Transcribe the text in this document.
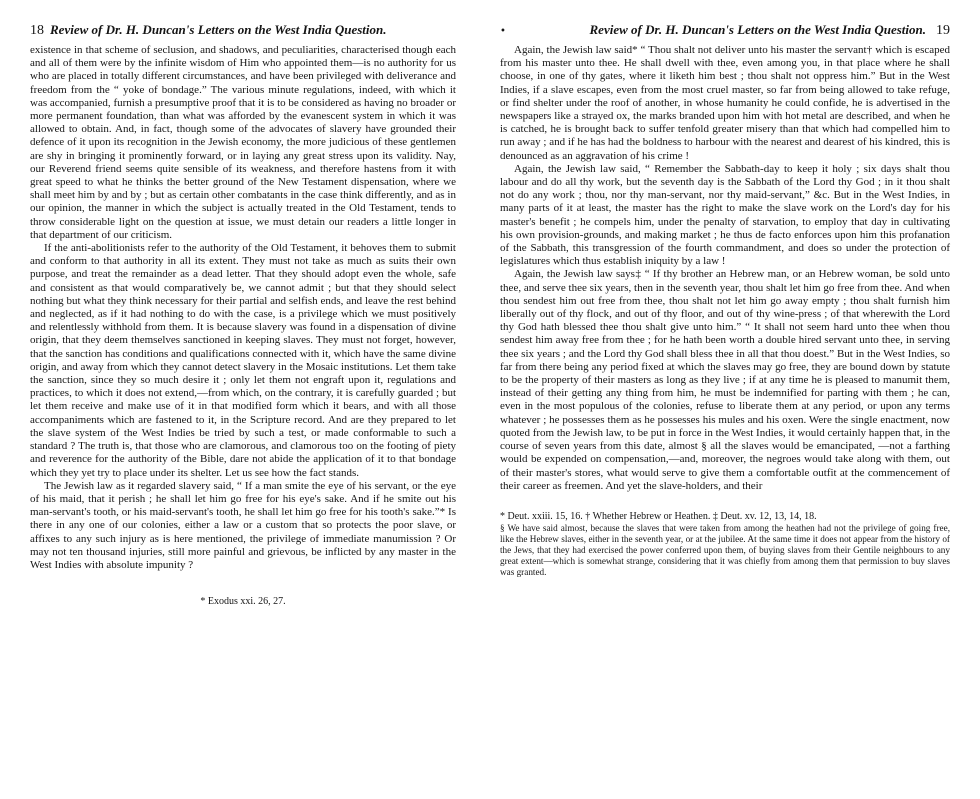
18 Review of Dr. H. Duncan's Letters on the West India Question.

existence in that scheme of seclusion, and shadows, and peculiarities, characterised though each and all of them were by the infinite wisdom of Him who appointed them—is no authority for us who are placed in totally different circumstances, and have been privileged with deliverance and freedom from the “ yoke of bondage.” The various minute regulations, indeed, with which it was accompanied, furnish a presumptive proof that it is to be considered as having no broader or more permanent foundation, than what was afforded by the evanescent system in which it was allowed to obtain. And, in fact, though some of the advocates of slavery have grounded their defence of it upon its recognition in the Jewish economy, the more judicious of these gentlemen are shy in bringing it prominently forward, or in laying any great stress upon its validity. Nay, our Reverend friend seems quite sensible of its weakness, and therefore hastens from it with great speed to what he thinks the better ground of the New Testament dispensation, where we shall meet him by and by ; but as certain other combatants in the case think differently, and as in our opinion, the manner in which the subject is actually treated in the Old Testament, tends to throw considerable light on the question at issue, we must detain our readers a little longer in that department of our criticism.

If the anti-abolitionists refer to the authority of the Old Testament, it behoves them to submit and conform to that authority in all its extent. They must not take as much as suits their own purpose, and treat the remainder as a dead letter. That they should adopt even the whole, safe and consistent as that would comparatively be, we cannot admit ; but that they should select nothing but what they think necessary for their partial and selfish ends, and leave the rest behind and neglected, as if it had nothing to do with the case, is a privilege which we must positively and relentlessly withhold from them. It is because slavery was found in a dispensation of divine origin, that they deem themselves sanctioned in keeping slaves. They must not forget, however, that the sanction has conditions and qualifications connected with it, which have the same divine origin, and away from which they cannot detect slavery in the Mosaic institutions. Let them take the sanction, since they so much desire it ; only let them not engraft upon it, regulations and practices, to which it does not extend,—from which, on the contrary, it is carefully guarded ; but let them receive and make use of it in that modified form which it bears, and with all those accompaniments which are fastened to it, in the Scripture record. And are they prepared to let the slave system of the West Indies be tried by such a test, or made conformable to such a standard ? The truth is, that those who are clamorous, and clamorous too on the footing of piety and reverence for the authority of the Bible, dare not abide the application of it to that bondage which they yet try to place under its shelter. Let us see how the fact stands.

The Jewish law as it regarded slavery said, “ If a man smite the eye of his servant, or the eye of his maid, that it perish ; he shall let him go free for his eye's sake. And if he smite out his man-servant's tooth, or his maid-servant's tooth, he shall let him go free for his tooth's sake.”* Is there in any one of our colonies, either a law or a custom that so protects the poor slave, or affixes to any such injury as is here mentioned, the privilege of immediate manumission ? Or may not ten thousand injuries, still more painful and grievous, be inflicted by any master in the West Indies with absolute impunity ?

* Exodus xxi. 26, 27.
•	Review of Dr. H. Duncan's Letters on the West India Question. 19

Again, the Jewish law said* “ Thou shalt not deliver unto his master the servant† which is escaped from his master unto thee. He shall dwell with thee, even among you, in that place where he shall choose, in one of thy gates, where it liketh him best ; thou shalt not oppress him.” But in the West Indies, if a slave escapes, even from the most cruel master, so far from being allowed to take refuge, or find shelter under the roof of another, in whose humanity he could confide, he is advertised in the newspapers like a strayed ox, the marks branded upon him with hot metal are described, and when he is catched, he is brought back to suffer tenfold greater misery than that which had compelled him to run away ; and if he has had the boldness to harbour with the nearest and dearest of his kindred, this is denounced as an aggravation of his crime !

Again, the Jewish law said, “ Remember the Sabbath-day to keep it holy ; six days shalt thou labour and do all thy work, but the seventh day is the Sabbath of the Lord thy God ; in it thou shalt not do any work ; thou, nor thy man-servant, nor thy maid-servant,” &c. But in the West Indies, in many parts of it at least, the master has the right to make the slave work on the Lord's day for his master's benefit ; he compels him, under the penalty of starvation, to employ that day in cultivating his own provision-grounds, and making market ; he thus de facto enforces upon him this profanation of the Sabbath, this transgression of the fourth commandment, and does so under the protection of legislatures which thus establish iniquity by a law !

Again, the Jewish law says‡ “ If thy brother an Hebrew man, or an Hebrew woman, be sold unto thee, and serve thee six years, then in the seventh year, thou shalt let him go free from thee. And when thou sendest him out free from thee, thou shalt not let him go away empty ; thou shalt furnish him liberally out of thy flock, and out of thy floor, and out of thy wine-press ; of that wherewith the Lord thy God hath blessed thee thou shalt give unto him.” “ It shall not seem hard unto thee when thou sendest him away free from thee ; for he hath been worth a double hired servant unto thee, in serving thee six years ; and the Lord thy God shall bless thee in all that thou doest.” But in the West Indies, so far from there being any period fixed at which the slaves may go free, they are bound down by statute to be the property of their masters as long as they live ; if at any time he is pleased to manumit them, instead of their getting any thing from him, he must be indemnified for parting with them ; he can, even in the most populous of the colonies, refuse to liberate them at any period, or upon any terms whatever ; he possesses them as he possesses his mules and his oxen. Were the single enactment, now quoted from the Jewish law, to be put in force in the West Indies, it would certainly happen that, in the course of seven years from this date, almost § all the slaves would be emancipated, —not a farthing would be expended on compensation,—and, moreover, the negroes would take along with them, out of their master's stores, what would serve to give them a comfortable outfit at the commencement of their career as freemen. And yet the slave-holders, and their

* Deut. xxiii. 15, 16. † Whether Hebrew or Heathen. ‡ Deut. xv. 12, 13, 14, 18.
§ We have said almost, because the slaves that were taken from among the heathen had not the privilege of going free, like the Hebrew slaves, either in the seventh year, or at the jubilee. At the same time it does not appear from the history of the Jews, that they had exercised the power conferred upon them, of buying slaves from their Gentile neighbours to any great extent—which is somewhat strange, considering that it was chiefly from among them that permission to buy slaves was granted.
